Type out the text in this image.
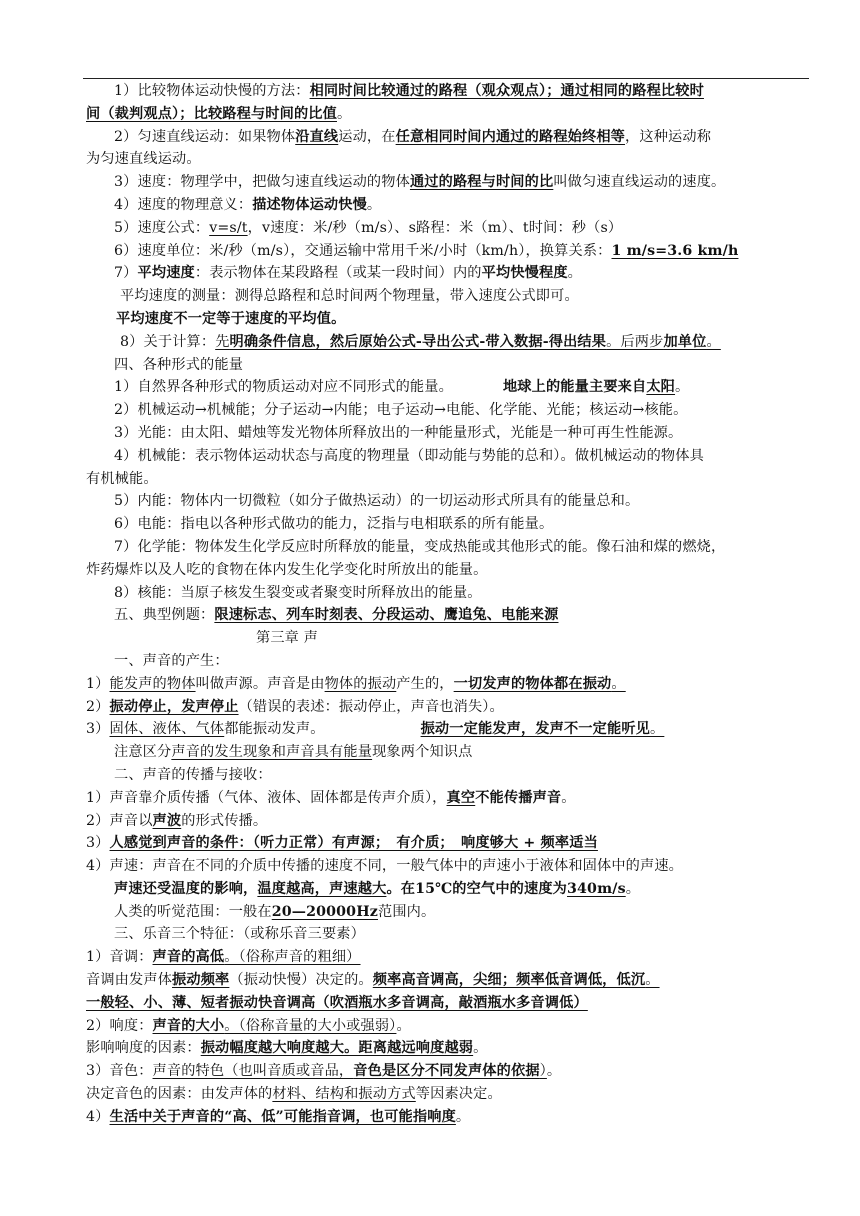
1）比较物体运动快慢的方法：相同时间比较通过的路程（观众观点）；通过相同的路程比较时

间（裁判观点）；比较路程与时间的比值。

2）匀速直线运动：如果物体沿直线运动，在任意相同时间内通过的路程始终相等，这种运动称

为匀速直线运动。

3）速度：物理学中，把做匀速直线运动的物体通过的路程与时间的比叫做匀速直线运动的速度。

4）速度的物理意义：描述物体运动快慢。

5）速度公式：v=s/t，v速度：米/秒（m/s）、s路程：米（m）、t时间：秒（s）

6）速度单位：米/秒（m/s），交通运输中常用千米/小时（km/h），换算关系：1 m/s=3.6 km/h

7）平均速度：表示物体在某段路程（或某一段时间）内的平均快慢程度。

平均速度的测量：测得总路程和总时间两个物理量，带入速度公式即可。

平均速度不一定等于速度的平均值。

8）关于计算：先明确条件信息，然后原始公式-导出公式-带入数据-得出结果。后两步加单位。

四、各种形式的能量

1）自然界各种形式的物质运动对应不同形式的能量。	地球上的能量主要来自太阳。

2）机械运动→机械能；分子运动→内能；电子运动→电能、化学能、光能；核运动→核能。

3）光能：由太阳、蜡烛等发光物体所释放出的一种能量形式，光能是一种可再生性能源。

4）机械能：表示物体运动状态与高度的物理量（即动能与势能的总和）。做机械运动的物体具

有机械能。

5）内能：物体内一切微粒（如分子做热运动）的一切运动形式所具有的能量总和。

6）电能：指电以各种形式做功的能力，泛指与电相联系的所有能量。

7）化学能：物体发生化学反应时所释放的能量，变成热能或其他形式的能。像石油和煤的燃烧，

炸药爆炸以及人吃的食物在体内发生化学变化时所放出的能量。

8）核能：当原子核发生裂变或者聚变时所释放出的能量。

五、典型例题：限速标志、列车时刻表、分段运动、鹰追兔、电能来源

第三章 声

一、声音的产生：

1）能发声的物体叫做声源。声音是由物体的振动产生的，一切发声的物体都在振动。

2）振动停止，发声停止（错误的表述：振动停止，声音也消失）。

3）固体、液体、气体都能振动发声。	振动一定能发声，发声不一定能听见。

注意区分声音的发生现象和声音具有能量现象两个知识点

二、声音的传播与接收：

1）声音靠介质传播（气体、液体、固体都是传声介质），真空不能传播声音。

2）声音以声波的形式传播。

3）人感觉到声音的条件：（听力正常）有声源；　有介质；　响度够大 + 频率适当

4）声速：声音在不同的介质中传播的速度不同，一般气体中的声速小于液体和固体中的声速。

声速还受温度的影响，温度越高，声速越大。在15℃的空气中的速度为340m/s。

人类的听觉范围：一般在20—20000Hz范围内。

三、乐音三个特征：（或称乐音三要素）

1）音调：声音的高低。（俗称声音的粗细）

音调由发声体振动频率（振动快慢）决定的。频率高音调高，尖细；频率低音调低，低沉。

一般轻、小、薄、短者振动快音调高（吹酒瓶水多音调高，敲酒瓶水多音调低）

2）响度：声音的大小。（俗称音量的大小或强弱）。

影响响度的因素：振动幅度越大响度越大。距离越远响度越弱。

3）音色：声音的特色（也叫音质或音品，音色是区分不同发声体的依据）。

决定音色的因素：由发声体的材料、结构和振动方式等因素决定。

4）生活中关于声音的“高、低”可能指音调，也可能指响度。
